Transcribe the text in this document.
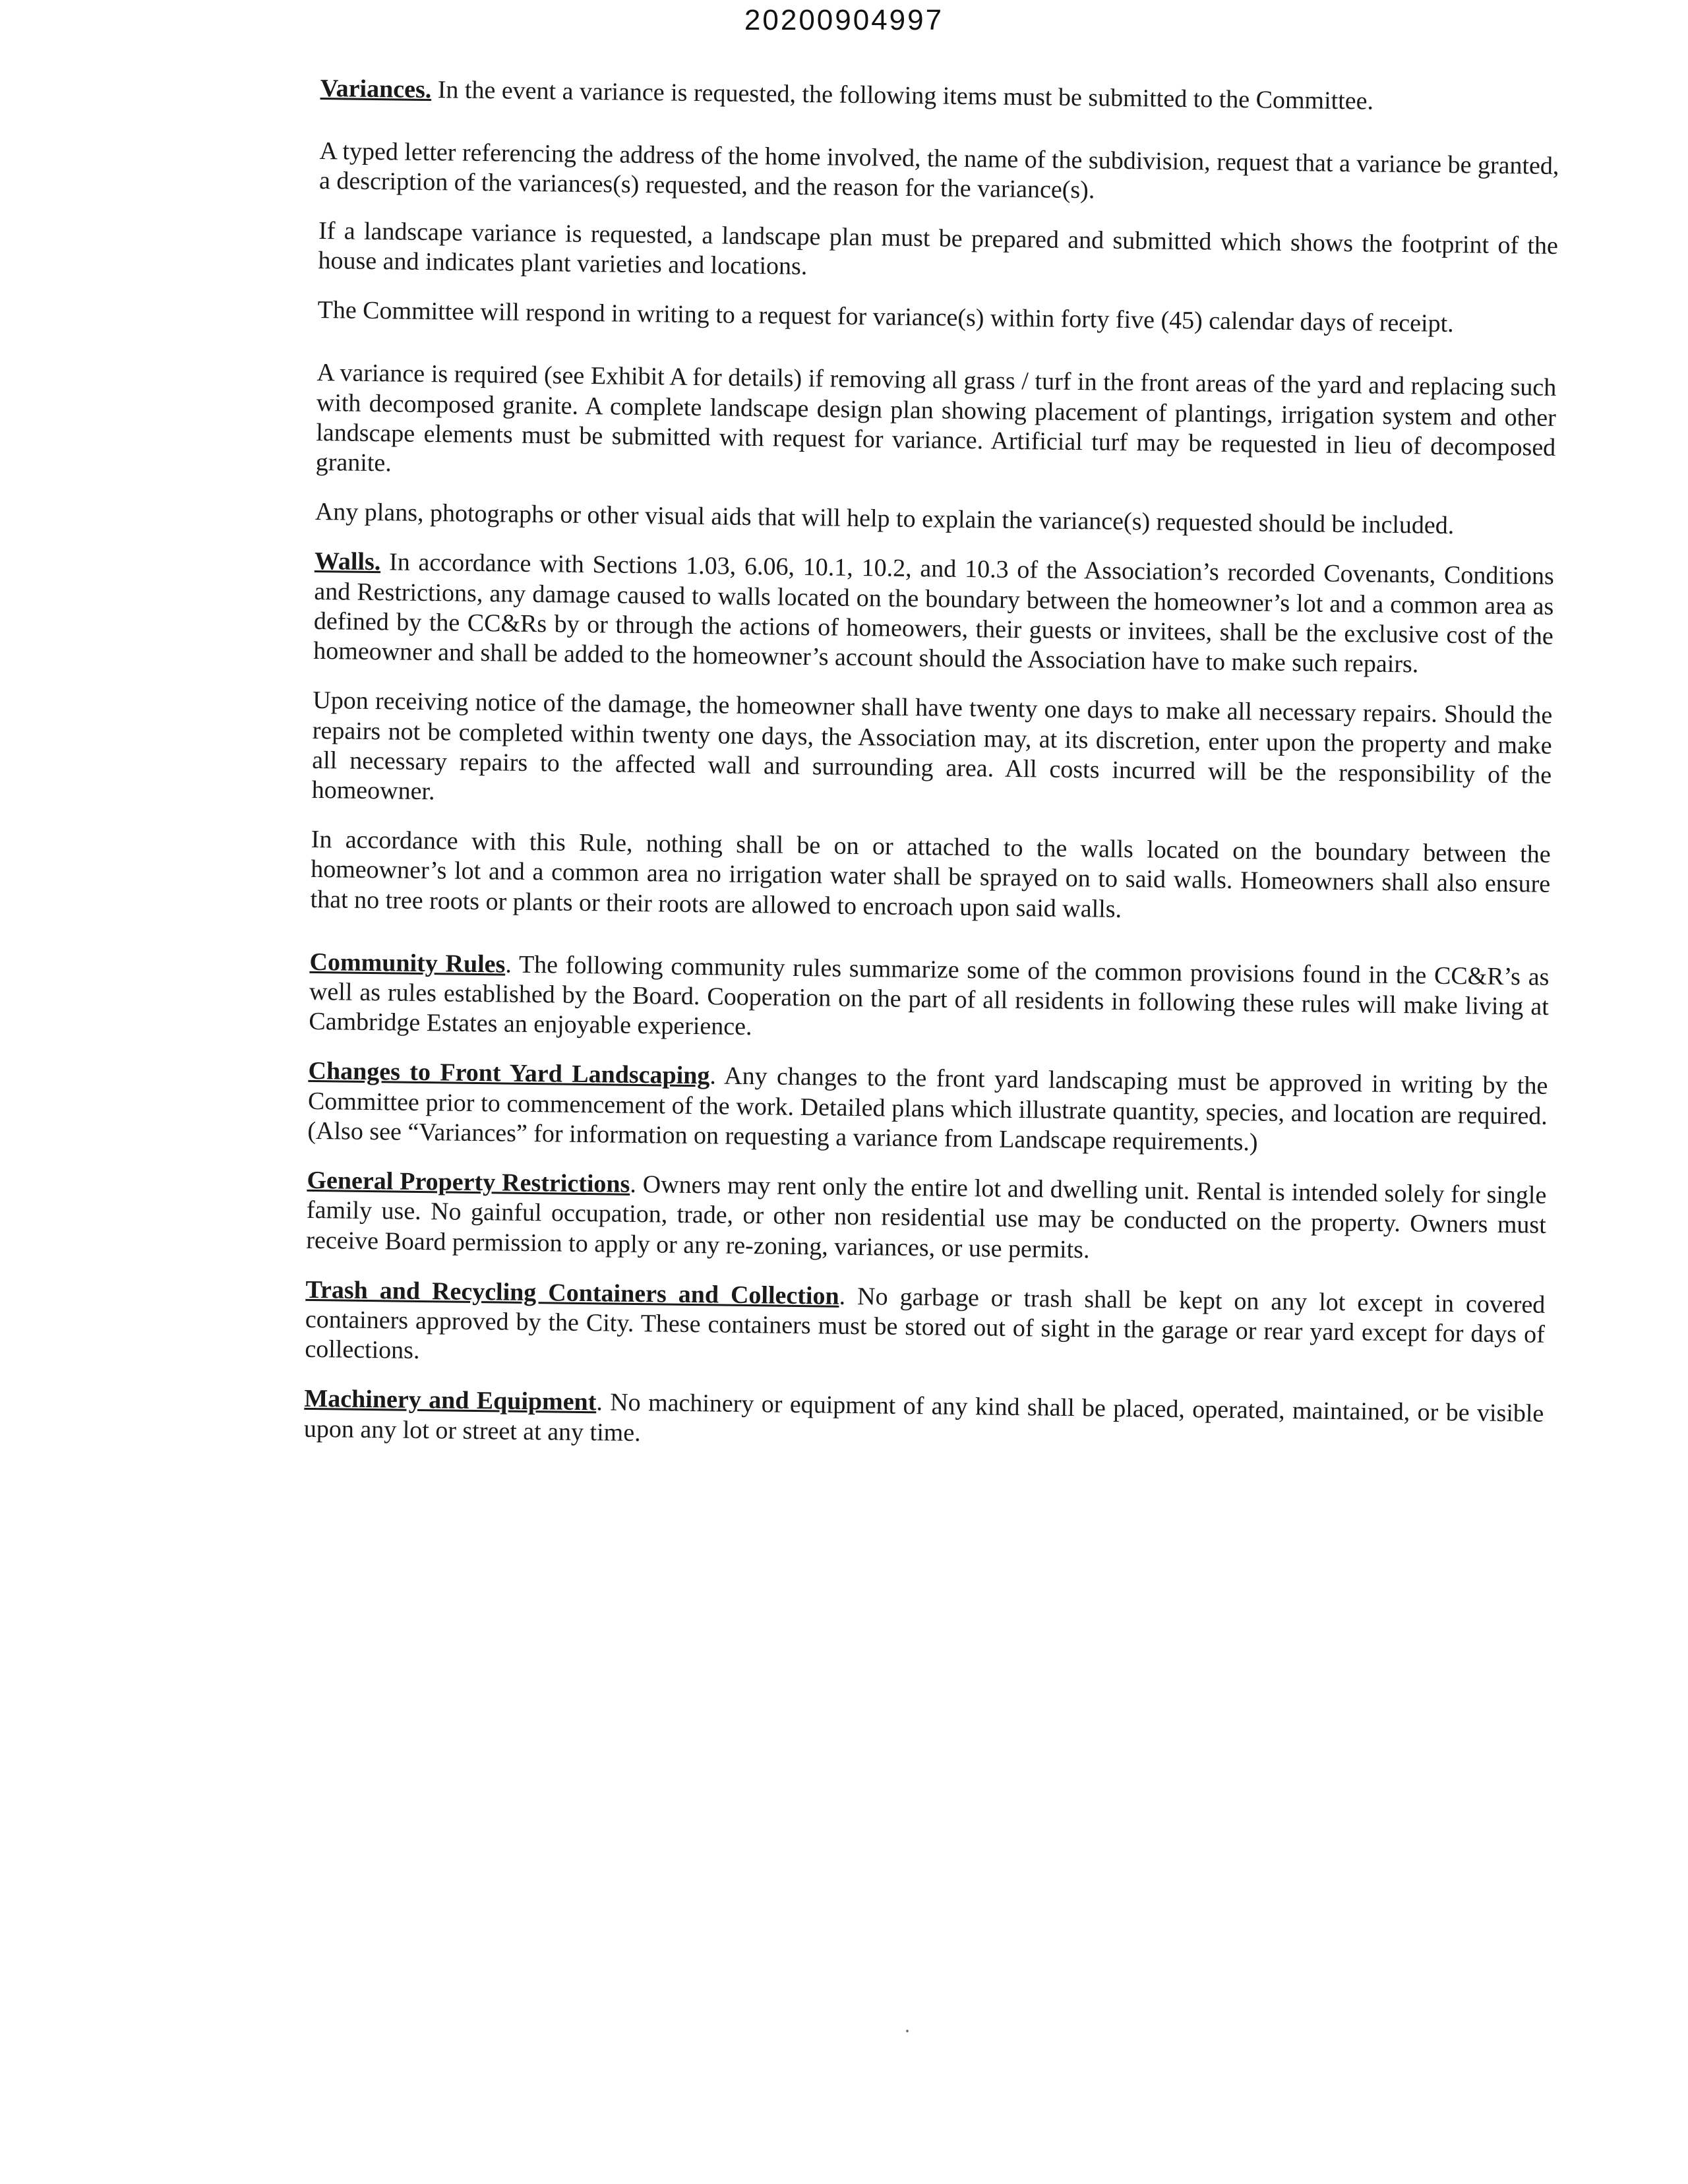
20200904997

Variances. In the event a variance is requested, the following items must be submitted to the Committee.

A typed letter referencing the address of the home involved, the name of the subdivision, request that a variance be granted, a description of the variances(s) requested, and the reason for the variance(s).

If a landscape variance is requested, a landscape plan must be prepared and submitted which shows the footprint of the house and indicates plant varieties and locations.

The Committee will respond in writing to a request for variance(s) within forty five (45) calendar days of receipt.

A variance is required (see Exhibit A for details) if removing all grass / turf in the front areas of the yard and replacing such with decomposed granite. A complete landscape design plan showing placement of plantings, irrigation system and other landscape elements must be submitted with request for variance. Artificial turf may be requested in lieu of decomposed granite.

Any plans, photographs or other visual aids that will help to explain the variance(s) requested should be included.

Walls. In accordance with Sections 1.03, 6.06, 10.1, 10.2, and 10.3 of the Association’s recorded Covenants, Conditions and Restrictions, any damage caused to walls located on the boundary between the homeowner’s lot and a common area as defined by the CC&Rs by or through the actions of homeowers, their guests or invitees, shall be the exclusive cost of the homeowner and shall be added to the homeowner’s account should the Association have to make such repairs.

Upon receiving notice of the damage, the homeowner shall have twenty one days to make all necessary repairs. Should the repairs not be completed within twenty one days, the Association may, at its discretion, enter upon the property and make all necessary repairs to the affected wall and surrounding area. All costs incurred will be the responsibility of the homeowner.

In accordance with this Rule, nothing shall be on or attached to the walls located on the boundary between the homeowner’s lot and a common area no irrigation water shall be sprayed on to said walls. Homeowners shall also ensure that no tree roots or plants or their roots are allowed to encroach upon said walls.

Community Rules. The following community rules summarize some of the common provisions found in the CC&R’s as well as rules established by the Board. Cooperation on the part of all residents in following these rules will make living at Cambridge Estates an enjoyable experience.

Changes to Front Yard Landscaping. Any changes to the front yard landscaping must be approved in writing by the Committee prior to commencement of the work. Detailed plans which illustrate quantity, species, and location are required. (Also see “Variances” for information on requesting a variance from Landscape requirements.)

General Property Restrictions. Owners may rent only the entire lot and dwelling unit. Rental is intended solely for single family use. No gainful occupation, trade, or other non residential use may be conducted on the property. Owners must receive Board permission to apply or any re-zoning, variances, or use permits.

Trash and Recycling Containers and Collection. No garbage or trash shall be kept on any lot except in covered containers approved by the City. These containers must be stored out of sight in the garage or rear yard except for days of collections.

Machinery and Equipment. No machinery or equipment of any kind shall be placed, operated, maintained, or be visible upon any lot or street at any time.
